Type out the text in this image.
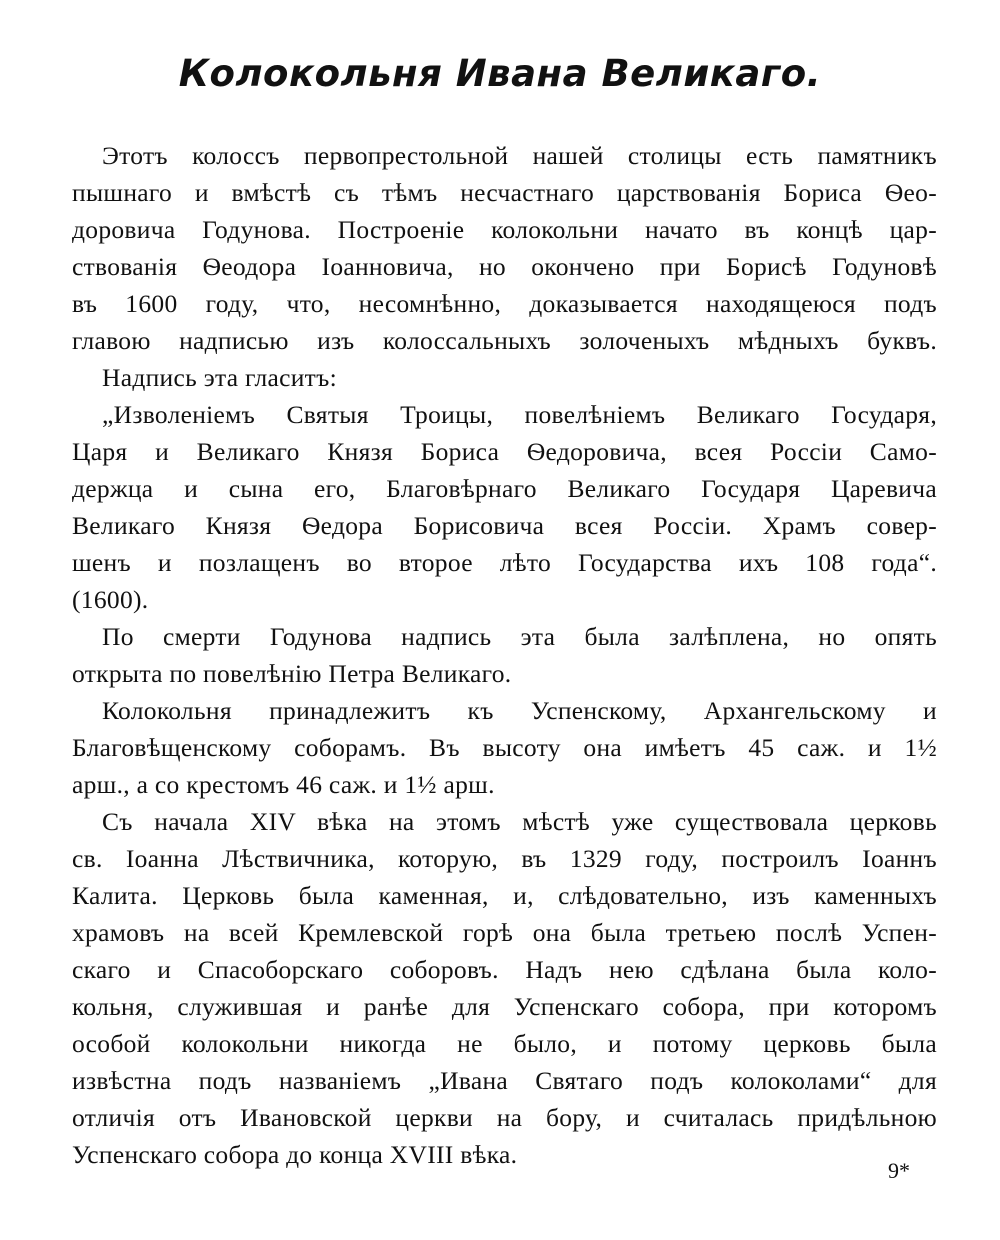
Колокольня Ивана Великаго.
Этотъ колоссъ первопрестольной нашей столицы есть памятникъ
пышнаго и вмѣстѣ съ тѣмъ несчастнаго царствованія Бориса Ѳео-
доровича Годунова. Построеніе колокольни начато въ концѣ цар-
ствованія Ѳеодора Іоанновича, но окончено при Борисѣ Годуновѣ
въ 1600 году, что, несомнѣнно, доказывается находящеюся подъ
главою надписью изъ колоссальныхъ золоченыхъ мѣдныхъ буквъ.
Надпись эта гласитъ:
„Изволеніемъ Святыя Троицы, повелѣніемъ Великаго Государя,
Царя и Великаго Князя Бориса Ѳедоровича, всея Россіи Само-
держца и сына его, Благовѣрнаго Великаго Государя Царевича
Великаго Князя Ѳедора Борисовича всея Россіи. Храмъ совер-
шенъ и позлащенъ во второе лѣто Государства ихъ 108 года“.
(1600).
По смерти Годунова надпись эта была залѣплена, но опять
открыта по повелѣнію Петра Великаго.
Колокольня принадлежитъ къ Успенскому, Архангельскому и
Благовѣщенскому соборамъ. Въ высоту она имѣетъ 45 саж. и 1½
арш., а со крестомъ 46 саж. и 1½ арш.
Съ начала XIV вѣка на этомъ мѣстѣ уже существовала церковь
св. Іоанна Лѣствичника, которую, въ 1329 году, построилъ Іоаннъ
Калита. Церковь была каменная, и, слѣдовательно, изъ каменныхъ
храмовъ на всей Кремлевской горѣ она была третьею послѣ Успен-
скаго и Спасоборскаго соборовъ. Надъ нею сдѣлана была коло-
кольня, служившая и ранѣе для Успенскаго собора, при которомъ
особой колокольни никогда не было, и потому церковь была
извѣстна подъ названіемъ „Ивана Святаго подъ колоколами“ для
отличія отъ Ивановской церкви на бору, и считалась придѣльною
Успенскаго собора до конца XVIII вѣка.
9*
